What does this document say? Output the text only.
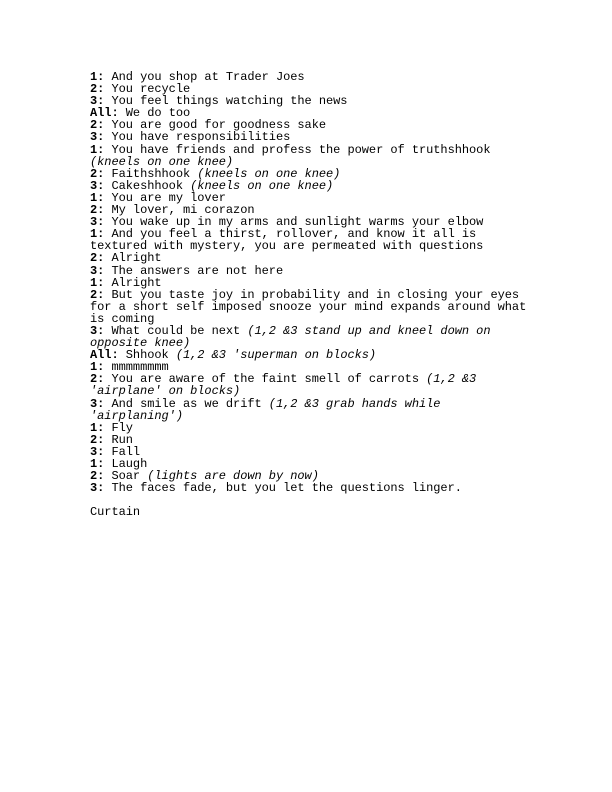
1: And you shop at Trader Joes
2: You recycle
3: You feel things watching the news
All: We do too
2: You are good for goodness sake
3: You have responsibilities
1: You have friends and profess the power of truthshhook (kneels on one knee)
2: Faithshhook (kneels on one knee)
3: Cakeshhook (kneels on one knee)
1: You are my lover
2: My lover, mi corazon
3: You wake up in my arms and sunlight warms your elbow
1: And you feel a thirst, rollover, and know it all is textured with mystery, you are permeated with questions
2: Alright
3: The answers are not here
1: Alright
2: But you taste joy in probability and in closing your eyes for a short self imposed snooze your mind expands around what is coming
3: What could be next (1,2 &3 stand up and kneel down on opposite knee)
All: Shhook (1,2 &3 'superman on blocks)
1: mmmmmmmm
2: You are aware of the faint smell of carrots (1,2 &3 'airplane' on blocks)
3: And smile as we drift (1,2 &3 grab hands while 'airplaning')
1: Fly
2: Run
3: Fall
1: Laugh
2: Soar (lights are down by now)
3: The faces fade, but you let the questions linger.
Curtain
